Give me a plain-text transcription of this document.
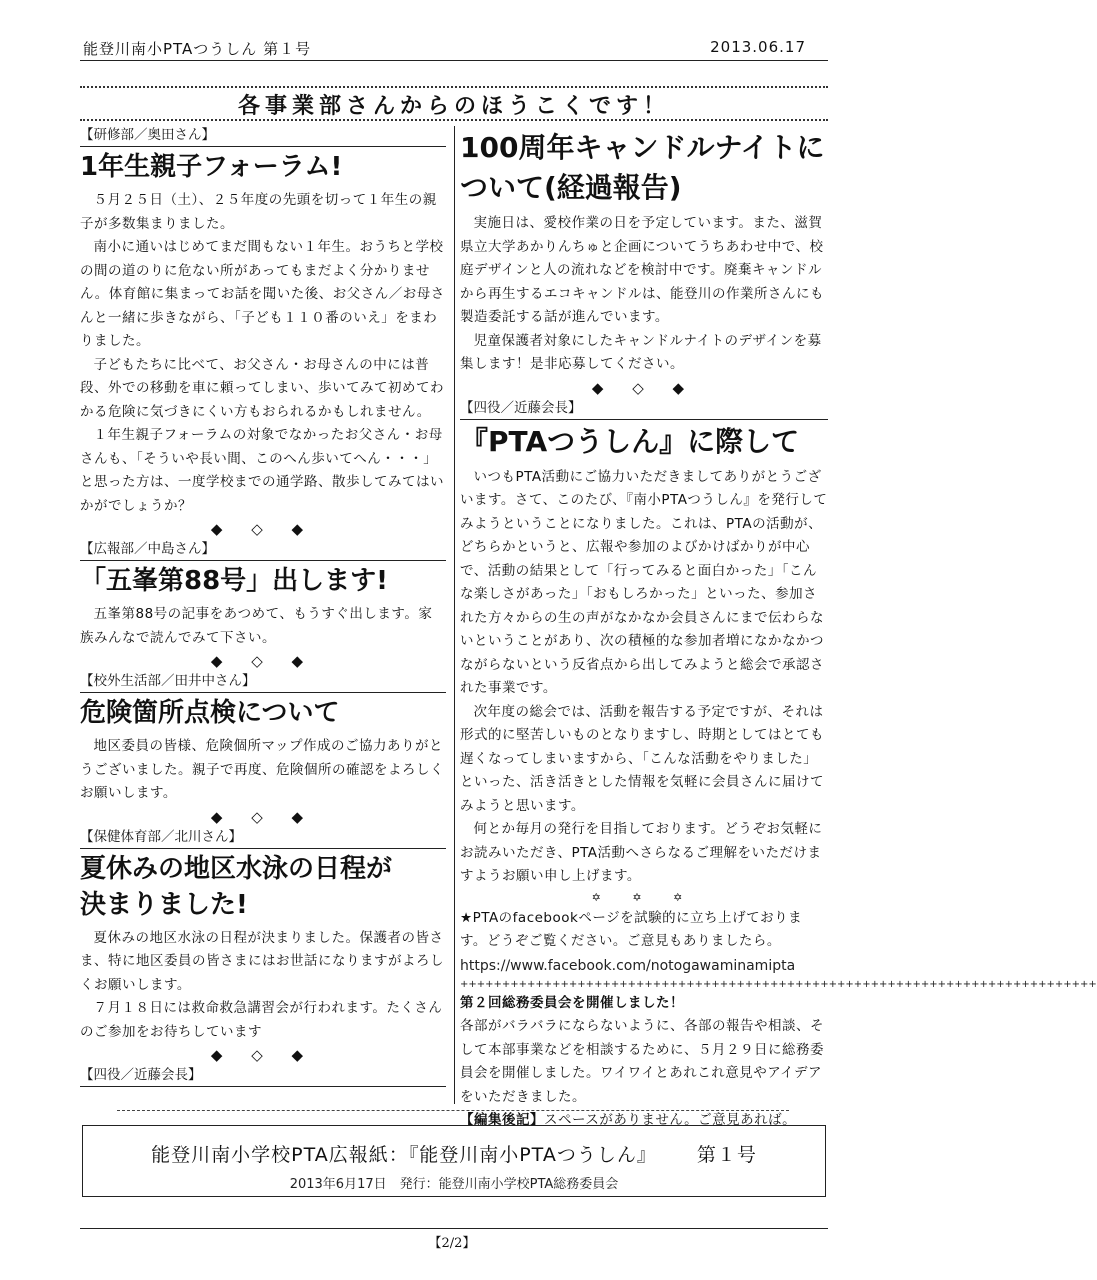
能登川南小PTAつうしん 第１号	2013.06.17
各事業部さんからのほうこくです！
【研修部／奥田さん】
1年生親子フォーラム!

５月２５日（土）、２５年度の先頭を切って１年生の親子が多数集まりました。

南小に通いはじめてまだ間もない１年生。おうちと学校の間の道のりに危ない所があってもまだよく分かりません。体育館に集まってお話を聞いた後、お父さん／お母さんと一緒に歩きながら、「子ども１１０番のいえ」をまわりました。

子どもたちに比べて、お父さん・お母さんの中には普段、外での移動を車に頼ってしまい、歩いてみて初めてわかる危険に気づきにくい方もおられるかもしれません。

１年生親子フォーラムの対象でなかったお父さん・お母さんも、「そういや長い間、このへん歩いてへん・・・」と思った方は、一度学校までの通学路、散歩してみてはいかがでしょうか？

◆ ◇ ◆
【広報部／中島さん】
「五峯第88号」出します!

五峯第88号の記事をあつめて、もうすぐ出します。家族みんなで読んでみて下さい。

◆ ◇ ◆
【校外生活部／田井中さん】
危険箇所点検について

地区委員の皆様、危険個所マップ作成のご協力ありがとうございました。親子で再度、危険個所の確認をよろしくお願いします。

◆ ◇ ◆
【保健体育部／北川さん】
夏休みの地区水泳の日程が
決まりました!

夏休みの地区水泳の日程が決まりました。保護者の皆さま、特に地区委員の皆さまにはお世話になりますがよろしくお願いします。

７月１８日には救命救急講習会が行われます。たくさんのご参加をお待ちしています

◆ ◇ ◆
【四役／近藤会長】
100周年キャンドルナイトに
ついて(経過報告)

実施日は、愛校作業の日を予定しています。また、滋賀県立大学あかりんちゅと企画についてうちあわせ中で、校庭デザインと人の流れなどを検討中です。廃棄キャンドルから再生するエコキャンドルは、能登川の作業所さんにも製造委託する話が進んでいます。

児童保護者対象にしたキャンドルナイトのデザインを募集します！是非応募してください。

◆ ◇ ◆
【四役／近藤会長】
『PTAつうしん』に際して

いつもPTA活動にご協力いただきましてありがとうございます。さて、このたび、『南小PTAつうしん』を発行してみようということになりました。これは、PTAの活動が、どちらかというと、広報や参加のよびかけばかりが中心で、活動の結果として「行ってみると面白かった」「こんな楽しさがあった」「おもしろかった」といった、参加された方々からの生の声がなかなか会員さんにまで伝わらないということがあり、次の積極的な参加者増になかなかつながらないという反省点から出してみようと総会で承認された事業です。

次年度の総会では、活動を報告する予定ですが、それは形式的に堅苦しいものとなりますし、時期としてはとても遅くなってしまいますから、「こんな活動をやりました」といった、活き活きとした情報を気軽に会員さんに届けてみようと思います。

何とか毎月の発行を目指しております。どうぞお気軽にお読みいただき、PTA活動へさらなるご理解をいただけますようお願い申し上げます。

✡ ✡ ✡

★PTAのfacebookページを試験的に立ち上げております。どうぞご覧ください。ご意見もありましたら。

https://www.facebook.com/notogawaminamipta
++++++++++++++++++++++++++++++++++++++++++++++++++++++++++++++++++++++++++++

第２回総務委員会を開催しました！

各部がバラバラにならないように、各部の報告や相談、そして本部事業などを相談するために、５月２９日に総務委員会を開催しました。ワイワイとあれこれ意見やアイデアをいただきました。

【編集後記】スペースがありません。ご意見あれば。

能登川南小学校PTA広報紙：『能登川南小PTAつうしん』 第１号
2013年6月17日　発行：能登川南小学校PTA総務委員会
【2/2】
